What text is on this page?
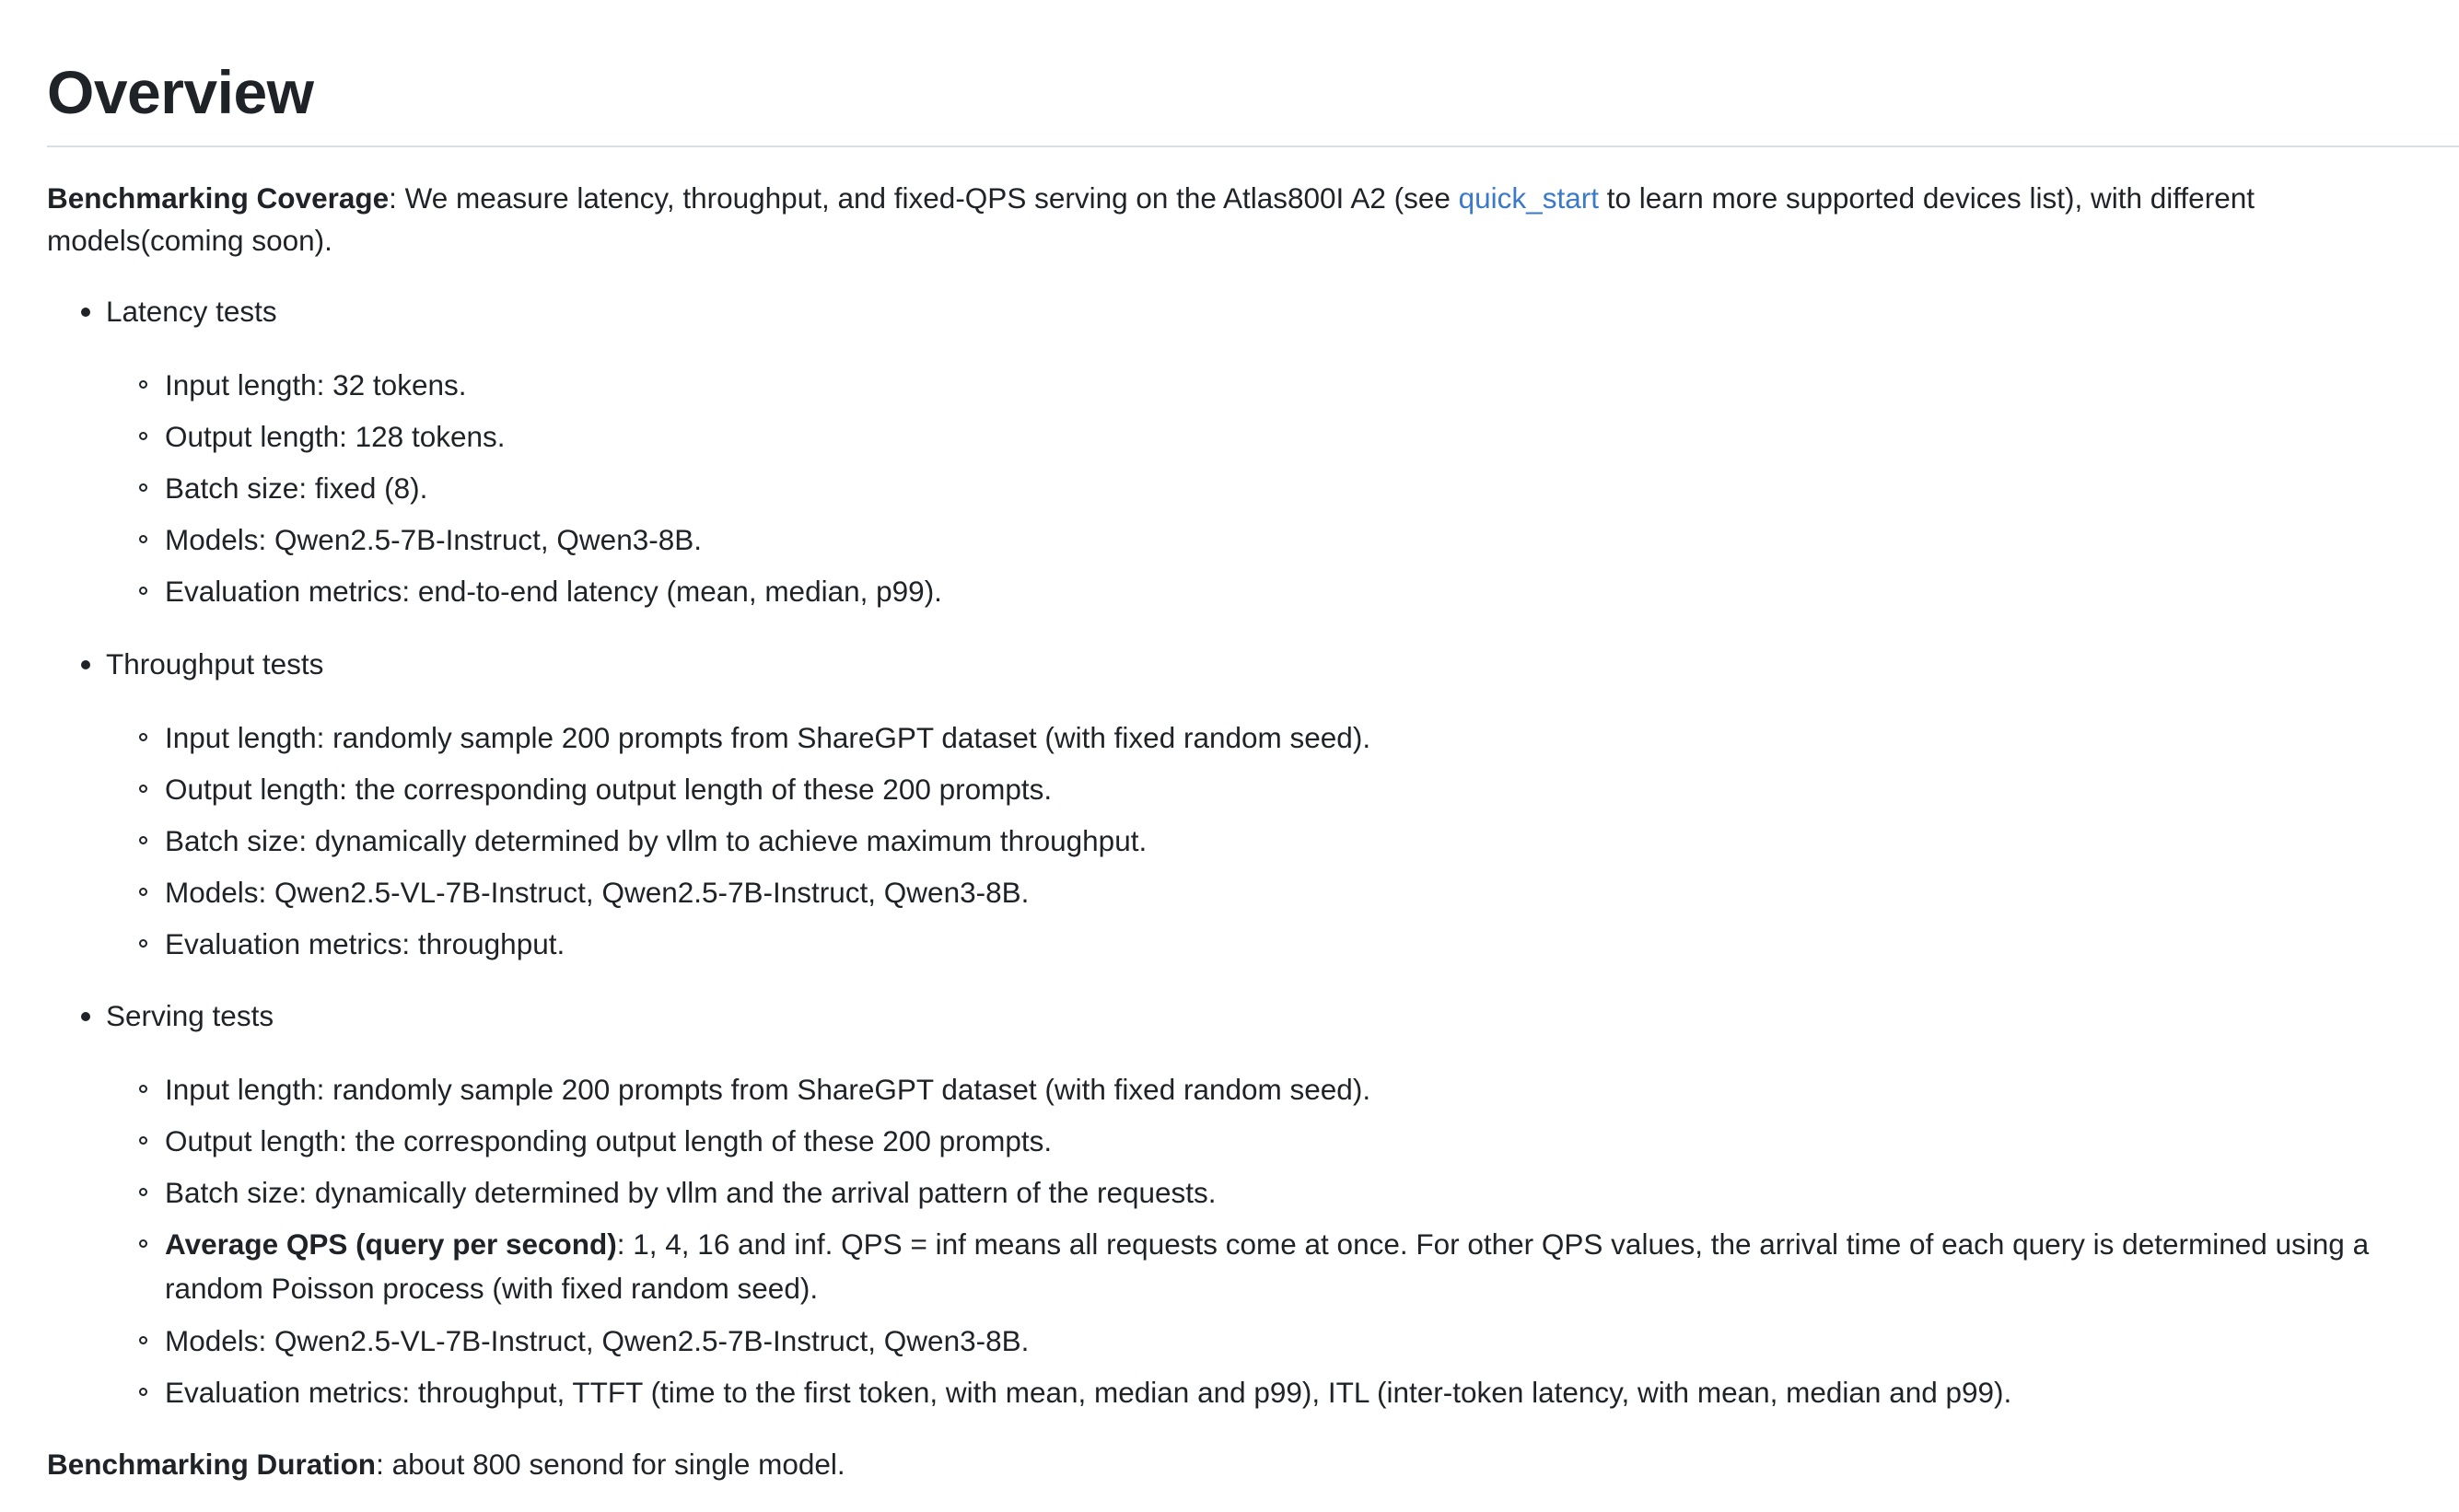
Overview

Benchmarking Coverage: We measure latency, throughput, and fixed-QPS serving on the Atlas800I A2 (see quick_start to learn more supported devices list), with different
models(coming soon).

Latency tests
Input length: 32 tokens.
Output length: 128 tokens.
Batch size: fixed (8).
Models: Qwen2.5-7B-Instruct, Qwen3-8B.
Evaluation metrics: end-to-end latency (mean, median, p99).
Throughput tests
Input length: randomly sample 200 prompts from ShareGPT dataset (with fixed random seed).
Output length: the corresponding output length of these 200 prompts.
Batch size: dynamically determined by vllm to achieve maximum throughput.
Models: Qwen2.5-VL-7B-Instruct, Qwen2.5-7B-Instruct, Qwen3-8B.
Evaluation metrics: throughput.
Serving tests
Input length: randomly sample 200 prompts from ShareGPT dataset (with fixed random seed).
Output length: the corresponding output length of these 200 prompts.
Batch size: dynamically determined by vllm and the arrival pattern of the requests.
Average QPS (query per second): 1, 4, 16 and inf. QPS = inf means all requests come at once. For other QPS values, the arrival time of each query is determined using a
random Poisson process (with fixed random seed).
Models: Qwen2.5-VL-7B-Instruct, Qwen2.5-7B-Instruct, Qwen3-8B.
Evaluation metrics: throughput, TTFT (time to the first token, with mean, median and p99), ITL (inter-token latency, with mean, median and p99).

Benchmarking Duration: about 800 senond for single model.
